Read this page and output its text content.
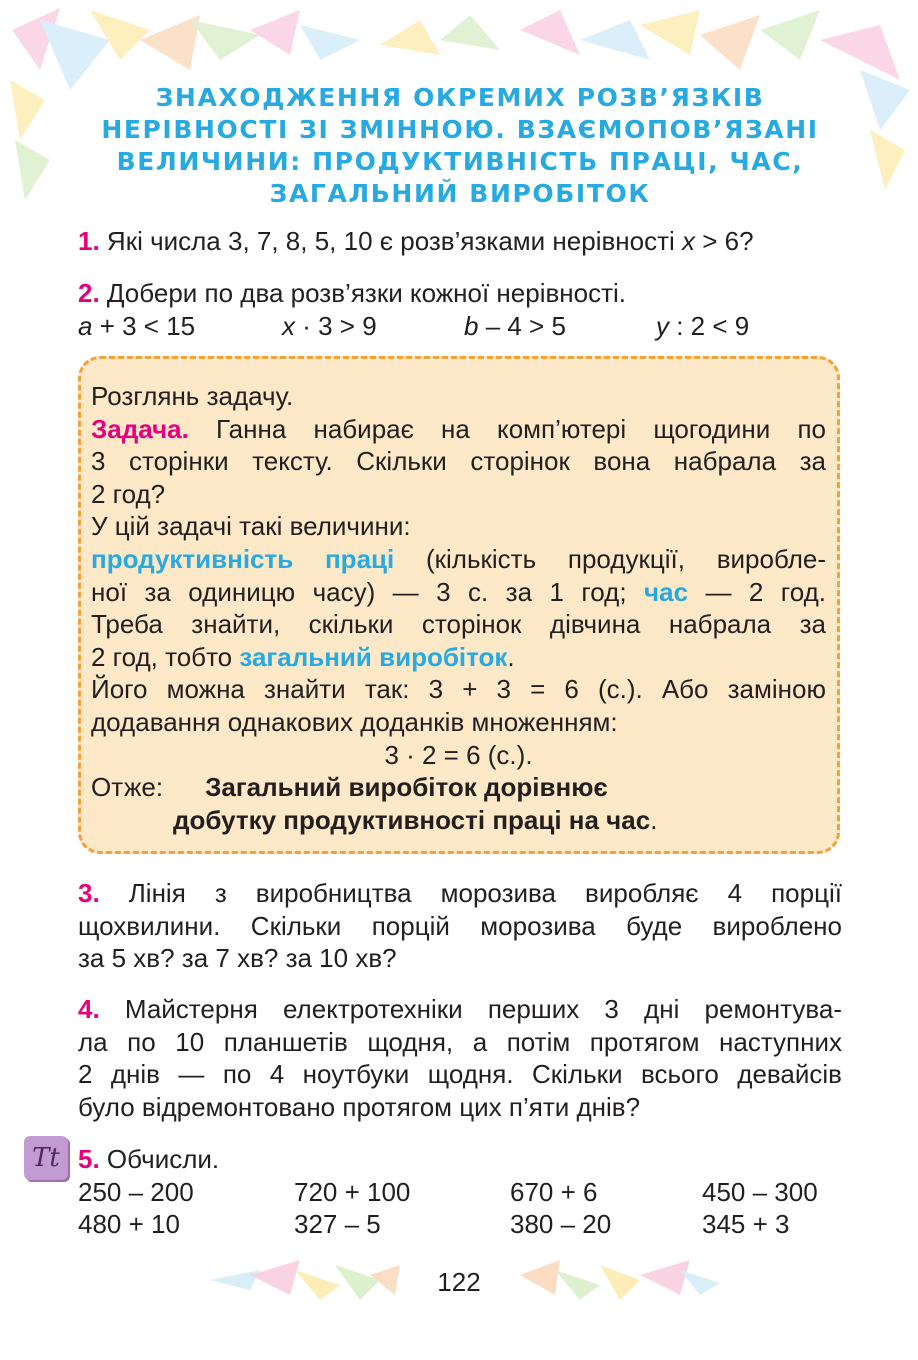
ЗНАХОДЖЕННЯ ОКРЕМИХ РОЗВ’ЯЗКІВ
НЕРІВНОСТІ ЗІ ЗМІННОЮ. ВЗАЄМОПОВ’ЯЗАНІ
ВЕЛИЧИНИ: ПРОДУКТИВНІСТЬ ПРАЦІ, ЧАС,
ЗАГАЛЬНИЙ ВИРОБІТОК

1. Які числа 3, 7, 8, 5, 10 є розв’язками нерівності x > 6?

2. Добери по два розв’язки кожної нерівності.

a + 3 < 15	x · 3 > 9	b – 4 > 5	y : 2 < 9

Розглянь задачу.

Задача. Ганна набирає на комп’ютері щогодини по

3 сторінки тексту. Скільки сторінок вона набрала за

2 год?

У цій задачі такі величини:

продуктивність праці (кількість продукції, виробле-

ної за одиницю часу) — 3 с. за 1 год; час — 2 год.

Треба знайти, скільки сторінок дівчина набрала за

2 год, тобто загальний виробіток.

Його можна знайти так: 3 + 3 = 6 (с.). Або заміною

додавання однакових доданків множенням:

3 · 2 = 6 (с.).

Отже: Загальний виробіток дорівнює

добутку продуктивності праці на час.

3. Лінія з виробництва морозива виробляє 4 порції

щохвилини. Скільки порцій морозива буде вироблено

за 5 хв? за 7 хв? за 10 хв?

4. Майстерня електротехніки перших 3 дні ремонтува-

ла по 10 планшетів щодня, а потім протягом наступних

2 днів — по 4 ноутбуки щодня. Скільки всього девайсів

було відремонтовано протягом цих п’яти днів?

Tt 5. Обчисли.

250 – 200	720 + 100	670 + 6	450 – 300
480 + 10	327 – 5	380 – 20	345 + 3
122
